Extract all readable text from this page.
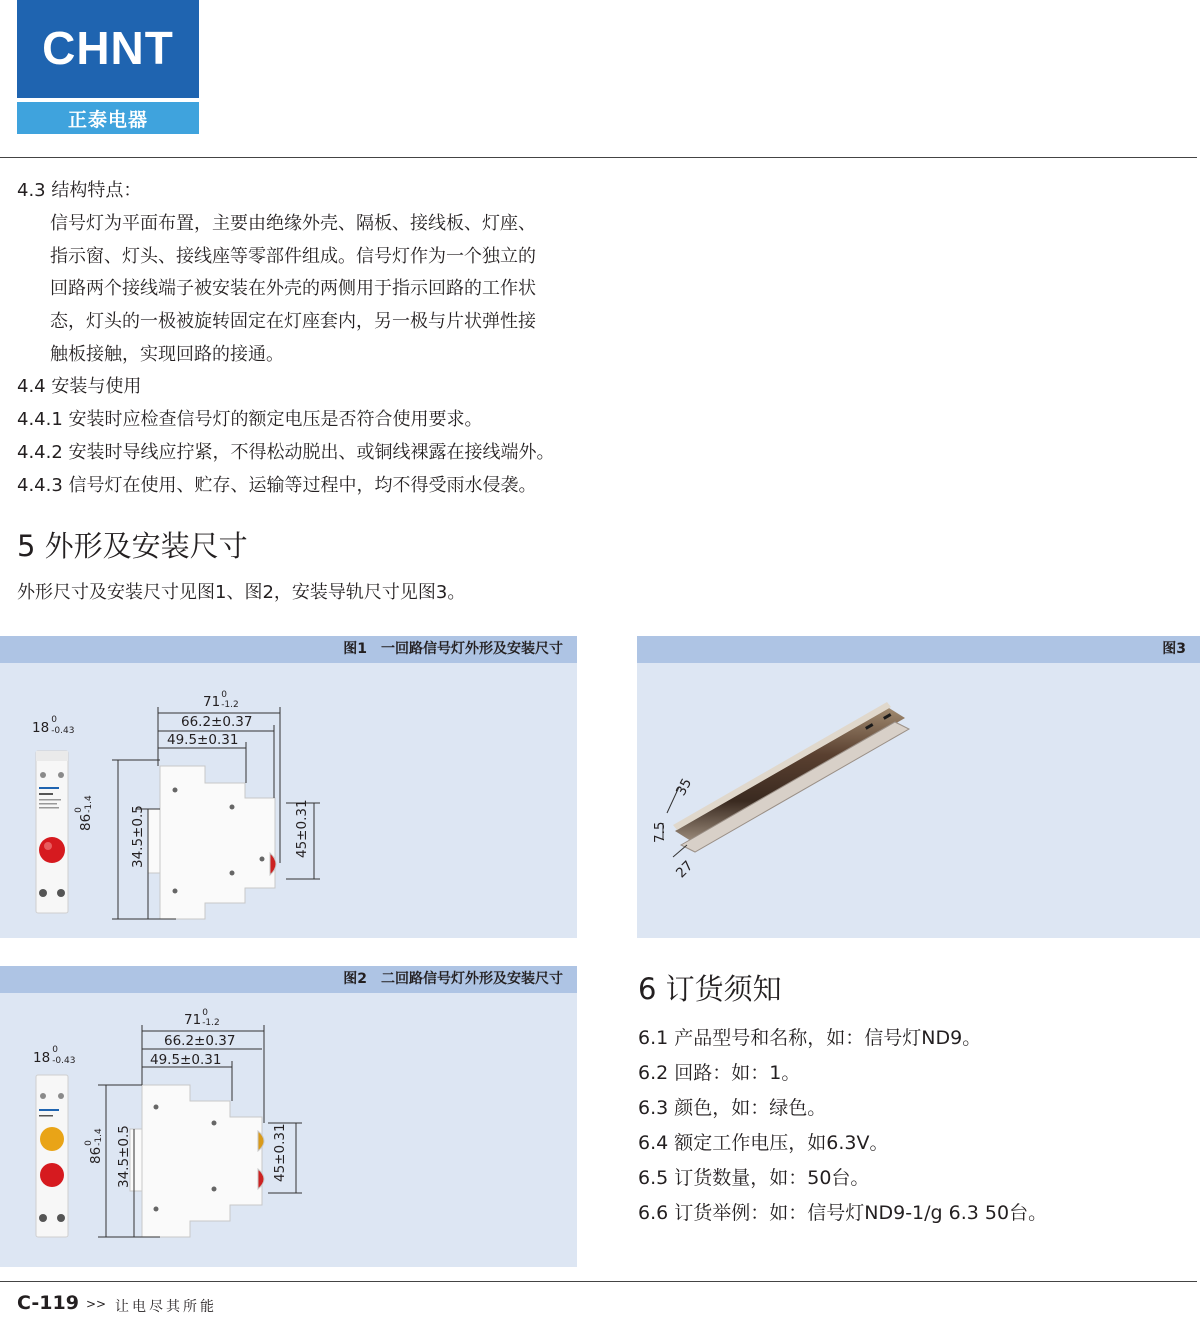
CHNT
正泰电器
4.3 结构特点：
信号灯为平面布置，主要由绝缘外壳、隔板、接线板、灯座、
指示窗、灯头、接线座等零部件组成。信号灯作为一个独立的
回路两个接线端子被安装在外壳的两侧用于指示回路的工作状
态，灯头的一极被旋转固定在灯座套内，另一极与片状弹性接
触板接触，实现回路的接通。
4.4 安装与使用
4.4.1 安装时应检查信号灯的额定电压是否符合使用要求。
4.4.2 安装时导线应拧紧，不得松动脱出、或铜线裸露在接线端外。
4.4.3 信号灯在使用、贮存、运输等过程中，均不得受雨水侵袭。
5 外形及安装尺寸
外形尺寸及安装尺寸见图1、图2，安装导轨尺寸见图3。
图1　一回路信号灯外形及安装尺寸
71 0
-1.2
66.2±0.37
49.5±0.31
18 0
-0.43
86
0 -1.4
34.5±0.5	45±0.31
图2　二回路信号灯外形及安装尺寸
71 0
-1.2
66.2±0.37
49.5±0.31
18 0
-0.43
86
0 -1.4 34.5±0.5	45±0.31
图3
35
7.5
27
6 订货须知
6.1 产品型号和名称，如：信号灯ND9。
6.2 回路：如：1。
6.3 颜色，如：绿色。
6.4 额定工作电压，如6.3V。
6.5 订货数量，如：50台。
6.6 订货举例：如：信号灯ND9-1/g 6.3 50台。
C-119 >> 让电尽其所能
